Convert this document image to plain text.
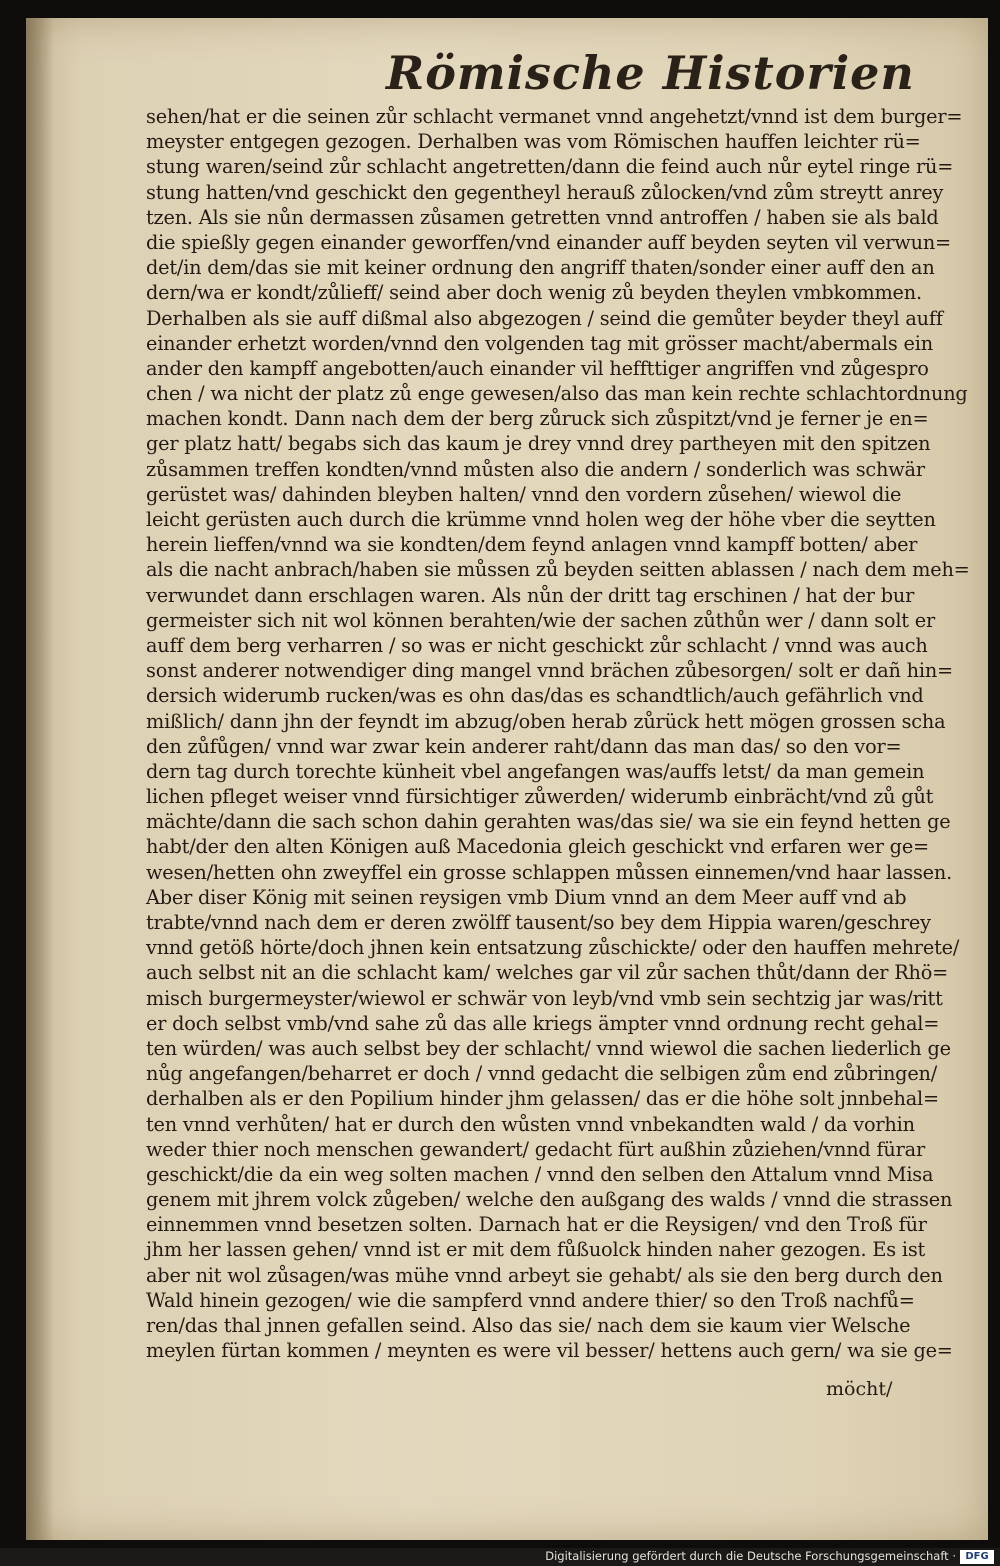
Römische Historien
sehen/hat er die seinen zůr schlacht vermanet vnnd angehetzt/vnnd ist dem burger=
meyster entgegen gezogen. Derhalben was vom Römischen hauffen leichter rü=
stung waren/seind zůr schlacht angetretten/dann die feind auch nůr eytel ringe rü=
stung hatten/vnd geschickt den gegentheyl herauß zůlocken/vnd zům streytt anrey
tzen. Als sie nůn dermassen zůsamen getretten vnnd antroffen / haben sie als bald
die spießly gegen einander geworffen/vnd einander auff beyden seyten vil verwun=
det/in dem/das sie mit keiner ordnung den angriff thaten/sonder einer auff den an
dern/wa er kondt/zůlieff/ seind aber doch wenig zů beyden theylen vmbkommen.
Derhalben als sie auff dißmal also abgezogen / seind die gemůter beyder theyl auff
einander erhetzt worden/vnnd den volgenden tag mit grösser macht/abermals ein
ander den kampff angebotten/auch einander vil heffttiger angriffen vnd zůgespro
chen / wa nicht der platz zů enge gewesen/also das man kein rechte schlachtordnung
machen kondt. Dann nach dem der berg zůruck sich zůspitzt/vnd je ferner je en=
ger platz hatt/ begabs sich das kaum je drey vnnd drey partheyen mit den spitzen
zůsammen treffen kondten/vnnd můsten also die andern / sonderlich was schwär
gerüstet was/ dahinden bleyben halten/ vnnd den vordern zůsehen/ wiewol die
leicht gerüsten auch durch die krümme vnnd holen weg der höhe vber die seytten
herein lieffen/vnnd wa sie kondten/dem feynd anlagen vnnd kampff botten/ aber
als die nacht anbrach/haben sie můssen zů beyden seitten ablassen / nach dem meh=
verwundet dann erschlagen waren. Als nůn der dritt tag erschinen / hat der bur
germeister sich nit wol können berahten/wie der sachen zůthůn wer / dann solt er
auff dem berg verharren / so was er nicht geschickt zůr schlacht / vnnd was auch
sonst anderer notwendiger ding mangel vnnd brächen zůbesorgen/ solt er dañ hin=
dersich widerumb rucken/was es ohn das/das es schandtlich/auch gefährlich vnd
mißlich/ dann jhn der feyndt im abzug/oben herab zůrück hett mögen grossen scha
den zůfůgen/ vnnd war zwar kein anderer raht/dann das man das/ so den vor=
dern tag durch torechte künheit vbel angefangen was/auffs letst/ da man gemein
lichen pfleget weiser vnnd fürsichtiger zůwerden/ widerumb einbrächt/vnd zů gůt
mächte/dann die sach schon dahin gerahten was/das sie/ wa sie ein feynd hetten ge
habt/der den alten Königen auß Macedonia gleich geschickt vnd erfaren wer ge=
wesen/hetten ohn zweyffel ein grosse schlappen můssen einnemen/vnd haar lassen.
Aber diser König mit seinen reysigen vmb Dium vnnd an dem Meer auff vnd ab
trabte/vnnd nach dem er deren zwölff tausent/so bey dem Hippia waren/geschrey
vnnd getöß hörte/doch jhnen kein entsatzung zůschickte/ oder den hauffen mehrete/
auch selbst nit an die schlacht kam/ welches gar vil zůr sachen thůt/dann der Rhö=
misch burgermeyster/wiewol er schwär von leyb/vnd vmb sein sechtzig jar was/ritt
er doch selbst vmb/vnd sahe zů das alle kriegs ämpter vnnd ordnung recht gehal=
ten würden/ was auch selbst bey der schlacht/ vnnd wiewol die sachen liederlich ge
nůg angefangen/beharret er doch / vnnd gedacht die selbigen zům end zůbringen/
derhalben als er den Popilium hinder jhm gelassen/ das er die höhe solt jnnbehal=
ten vnnd verhůten/ hat er durch den wůsten vnnd vnbekandten wald / da vorhin
weder thier noch menschen gewandert/ gedacht fürt außhin zůziehen/vnnd fürar
geschickt/die da ein weg solten machen / vnnd den selben den Attalum vnnd Misa
genem mit jhrem volck zůgeben/ welche den außgang des walds / vnnd die strassen
einnemmen vnnd besetzen solten. Darnach hat er die Reysigen/ vnd den Troß für
jhm her lassen gehen/ vnnd ist er mit dem fůßuolck hinden naher gezogen. Es ist
aber nit wol zůsagen/was mühe vnnd arbeyt sie gehabt/ als sie den berg durch den
Wald hinein gezogen/ wie die sampferd vnnd andere thier/ so den Troß nachfů=
ren/das thal jnnen gefallen seind. Also das sie/ nach dem sie kaum vier Welsche
meylen fürtan kommen / meynten es were vil besser/ hettens auch gern/ wa sie ge=
möcht/
Digitalisierung gefördert durch die Deutsche Forschungsgemeinschaft · DFG
